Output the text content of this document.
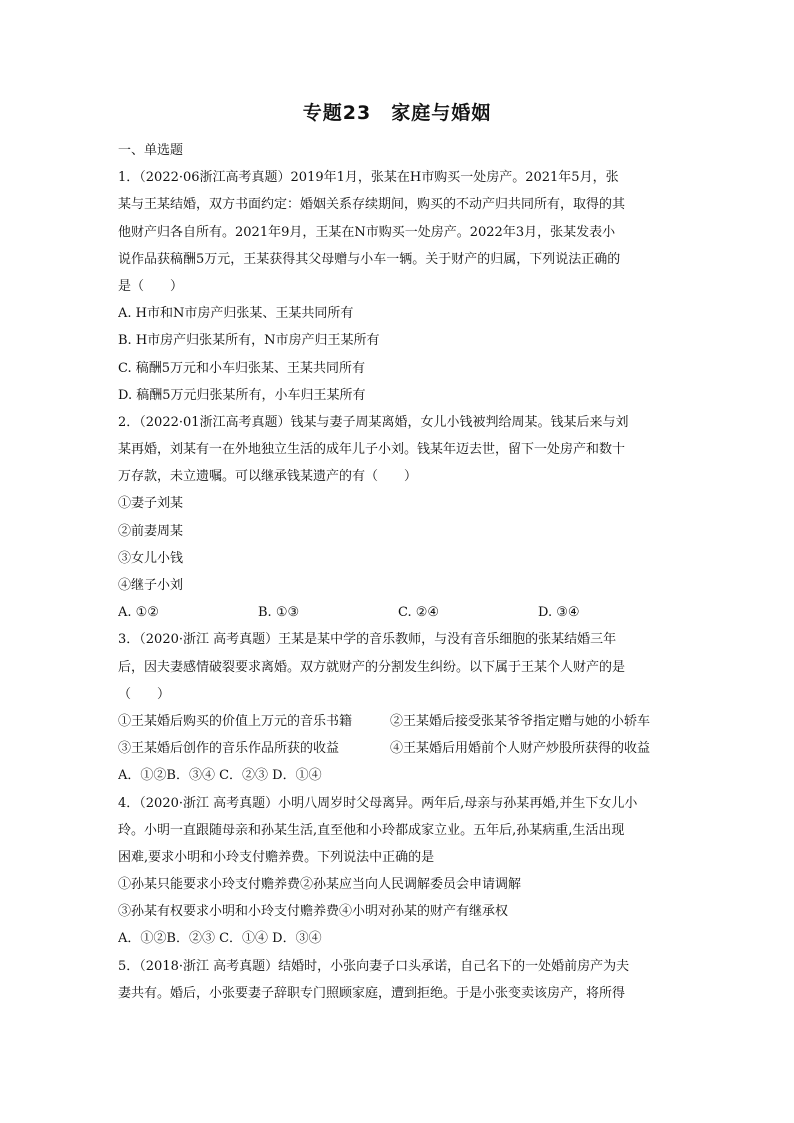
专题23　家庭与婚姻
一、单选题
1．（2022·06浙江高考真题）2019年1月，张某在H市购买一处房产。2021年5月，张
某与王某结婚，双方书面约定：婚姻关系存续期间，购买的不动产归共同所有，取得的其
他财产归各自所有。2021年9月，王某在N市购买一处房产。2022年3月，张某发表小
说作品获稿酬5万元，王某获得其父母赠与小车一辆。关于财产的归属，下列说法正确的
是（　　）
A. H市和N市房产归张某、王某共同所有
B. H市房产归张某所有，N市房产归王某所有
C. 稿酬5万元和小车归张某、王某共同所有
D. 稿酬5万元归张某所有，小车归王某所有
2．（2022·01浙江高考真题）钱某与妻子周某离婚，女儿小钱被判给周某。钱某后来与刘
某再婚，刘某有一在外地独立生活的成年儿子小刘。钱某年迈去世，留下一处房产和数十
万存款，未立遗嘱。可以继承钱某遗产的有（　　）
①妻子刘某
②前妻周某
③女儿小钱
④继子小刘
A. ①②	B. ①③	C. ②④	D. ③④
3．（2020·浙江 高考真题）王某是某中学的音乐教师，与没有音乐细胞的张某结婚三年
后，因夫妻感情破裂要求离婚。双方就财产的分割发生纠纷。以下属于王某个人财产的是
（　　）
①王某婚后购买的价值上万元的音乐书籍	②王某婚后接受张某爷爷指定赠与她的小轿车
③王某婚后创作的音乐作品所获的收益	④王某婚后用婚前个人财产炒股所获得的收益
A．①②B．③④ C．②③ D．①④
4．（2020·浙江 高考真题）小明八周岁时父母离异。两年后,母亲与孙某再婚,并生下女儿小
玲。小明一直跟随母亲和孙某生活,直至他和小玲都成家立业。五年后,孙某病重,生活出现
困难,要求小明和小玲支付赡养费。下列说法中正确的是
①孙某只能要求小玲支付赡养费②孙某应当向人民调解委员会申请调解
③孙某有权要求小明和小玲支付赡养费④小明对孙某的财产有继承权
A．①②B．②③ C．①④ D．③④
5．（2018·浙江 高考真题）结婚时，小张向妻子口头承诺，自己名下的一处婚前房产为夫
妻共有。婚后，小张要妻子辞职专门照顾家庭，遭到拒绝。于是小张变卖该房产，将所得
